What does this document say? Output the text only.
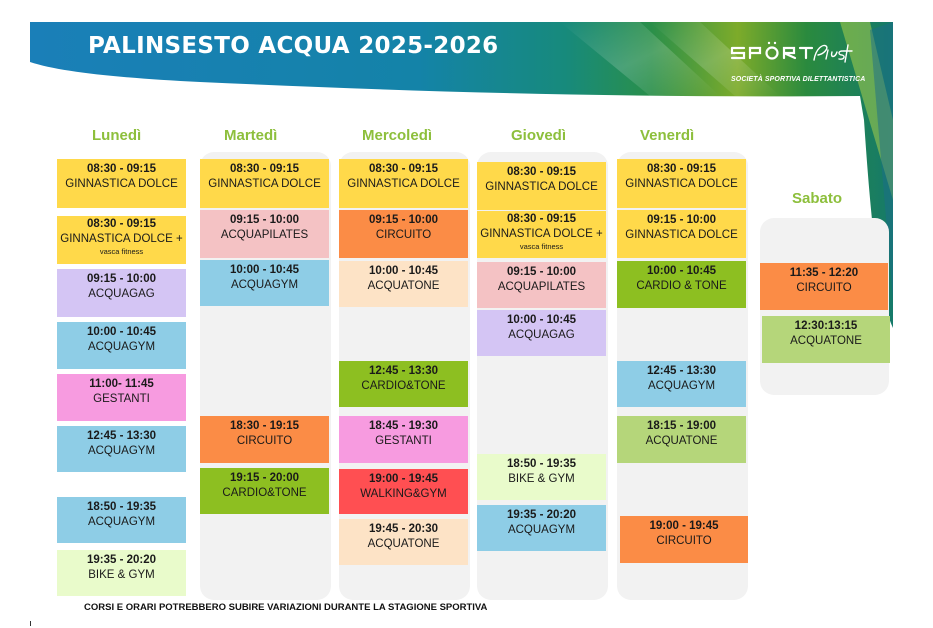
PALINSESTO ACQUA 2025-2026
SOCIETÀ SPORTIVA DILETTANTISTICA
Lunedì
08:30 - 09:15
GINNASTICA DOLCE
08:30 - 09:15
GINNASTICA DOLCE +
vasca fitness
09:15 - 10:00
ACQUAGAG
10:00 - 10:45
ACQUAGYM
11:00- 11:45
GESTANTI
12:45 - 13:30
ACQUAGYM
18:50 - 19:35
ACQUAGYM
19:35 - 20:20
BIKE & GYM
Martedì
08:30 - 09:15
GINNASTICA DOLCE
09:15 - 10:00
ACQUAPILATES
10:00 - 10:45
ACQUAGYM
18:30 - 19:15
CIRCUITO
19:15 - 20:00
CARDIO&TONE
Mercoledì
08:30 - 09:15
GINNASTICA DOLCE
09:15 - 10:00
CIRCUITO
10:00 - 10:45
ACQUATONE
12:45 - 13:30
CARDIO&TONE
18:45 - 19:30
GESTANTI
19:00 - 19:45
WALKING&GYM
19:45 - 20:30
ACQUATONE
Giovedì
08:30 - 09:15
GINNASTICA DOLCE
08:30 - 09:15
GINNASTICA DOLCE +
vasca fitness
09:15 - 10:00
ACQUAPILATES
10:00 - 10:45
ACQUAGAG
18:50 - 19:35
BIKE & GYM
19:35 - 20:20
ACQUAGYM
Venerdì
08:30 - 09:15
GINNASTICA DOLCE
09:15 - 10:00
GINNASTICA DOLCE
10:00 - 10:45
CARDIO & TONE
12:45 - 13:30
ACQUAGYM
18:15 - 19:00
ACQUATONE
19:00 - 19:45
CIRCUITO
Sabato
11:35 - 12:20
CIRCUITO
12:30:13:15
ACQUATONE
CORSI E ORARI POTREBBERO SUBIRE VARIAZIONI DURANTE LA STAGIONE SPORTIVA
